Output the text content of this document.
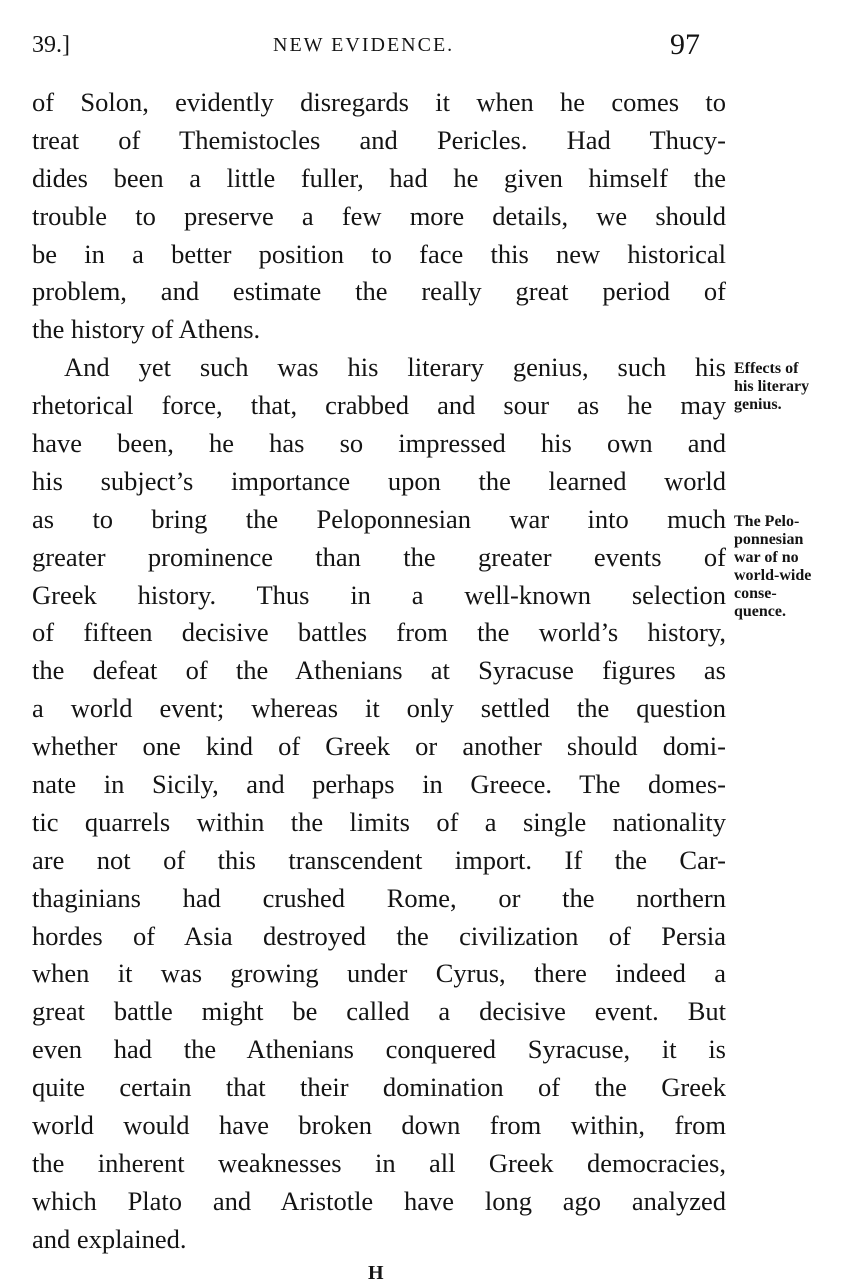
39.]	NEW EVIDENCE.	97
of Solon, evidently disregards it when he comes to
treat of Themistocles and Pericles. Had Thucy-
dides been a little fuller, had he given himself the
trouble to preserve a few more details, we should
be in a better position to face this new historical
problem, and estimate the really great period of
the history of Athens.
And yet such was his literary genius, such his
rhetorical force, that, crabbed and sour as he may
have been, he has so impressed his own and
his subject’s importance upon the learned world
as to bring the Peloponnesian war into much
greater prominence than the greater events of
Greek history. Thus in a well-known selection
of fifteen decisive battles from the world’s history,
the defeat of the Athenians at Syracuse figures as
a world event; whereas it only settled the question
whether one kind of Greek or another should domi-
nate in Sicily, and perhaps in Greece. The domes-
tic quarrels within the limits of a single nationality
are not of this transcendent import. If the Car-
thaginians had crushed Rome, or the northern
hordes of Asia destroyed the civilization of Persia
when it was growing under Cyrus, there indeed a
great battle might be called a decisive event. But
even had the Athenians conquered Syracuse, it is
quite certain that their domination of the Greek
world would have broken down from within, from
the inherent weaknesses in all Greek democracies,
which Plato and Aristotle have long ago analyzed
and explained.
Effects of
his literary
genius.
The Pelo-
ponnesian
war of no
world-wide
conse-
quence.
H
